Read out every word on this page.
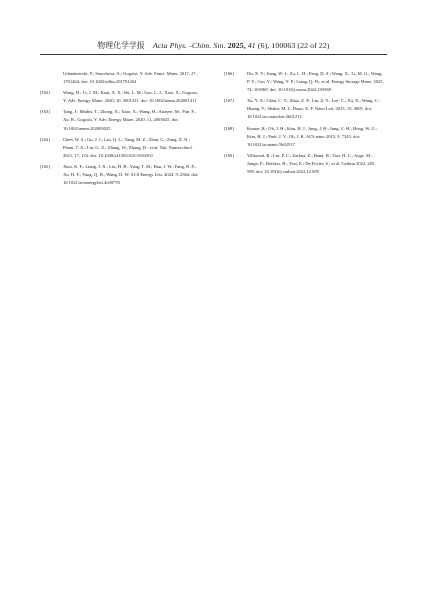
物理化学学报 Acta Phys. -Chim. Sin. 2025, 41 (6), 100063 (22 of 22)
Urbankowski, P.; Sarycheva, A.; Gogotsi, Y. Adv. Funct. Mater. 2017, 27, 1701264. doi: 10.1002/adfm.201701264
[162]	Wang, H.; Li, J. M.; Kuai, X. X.; Bu, L. M.; Gao, L. J.; Xiao, X.; Gogotsi, Y. Adv. Energy Mater. 2020, 10, 2001411. doi: 10.1002/aenm.202001411
[163]	Tang, J.; Mathis, T.; Zhong, X.; Xiao, X.; Wang, H.; Anayee, M.; Pan, F.; Xu, B.; Gogotsi, Y. Adv. Energy Mater. 2020, 11, 2003025. doi: 10.1002/aenm.202003025
[164]	Chen, W. S.; Gu, J. J.; Liu, Q. L.; Yang, M. Z.; Zhan, C.; Zang, X. N.; Pham, T. A.; Liu, G. X.; Zhang, W.; Zhang, D.; et al. Nat. Nanotechnol. 2021, 17, 153. doi: 10.1038/s41565-021-01020-0
[165]	Xiao, K. F.; Liang, J. X.; Liu, H. B.; Yang, T. M.; Han, J. W.; Fang, R. P.; Xu, H. Y.; Yang, Q. H.; Wang, D. W. ACS Energy Lett. 2024, 9, 2564. doi: 10.1021/acsenergylett.4c00770
[166]	Du, X. Y.; Jiang, W. J.; Zu, L. H.; Feng, D. S.; Wang, X.; Li, M. G.; Wang, P. Y.; Cao, Y.; Wang, Y. F.; Liang, Q. H.; et al. Energy Storage Mater. 2025, 74, 103969. doi: 10.1016/j.ensm.2024.103969
[167]	Xu, Y. X.; Chen, C. Y.; Zhao, Z. P.; Lin, Z. Y.; Lee, C.; Xu, X.; Wang, C.; Huang, Y.; Shakir, M. I.; Duan, X. F. Nano Lett. 2015, 15, 4605. doi: 10.1021/acs.nanolett.5b01212
[168]	Kumar, R.; Oh, J. H.; Kim, H. J.; Jung, J. H.; Jung, C. H.; Hong, W. G.; Kim, H. J.; Park, J. Y.; Oh, I. K. ACS nano 2015, 9, 7343. doi: 10.1021/acsnano.5b02537
[169]	Villarreal, R.; Lin, P. C.; Zarkua, Z.; Bana, H.; Tsai, H. C.; Auge, M.; Junge, F.; Hofsäss, H.; Tosi, E.; De Feyter, S.; et al. Carbon 2023, 205, 590. doi: 10.1016/j.carbon.2022.12.005
